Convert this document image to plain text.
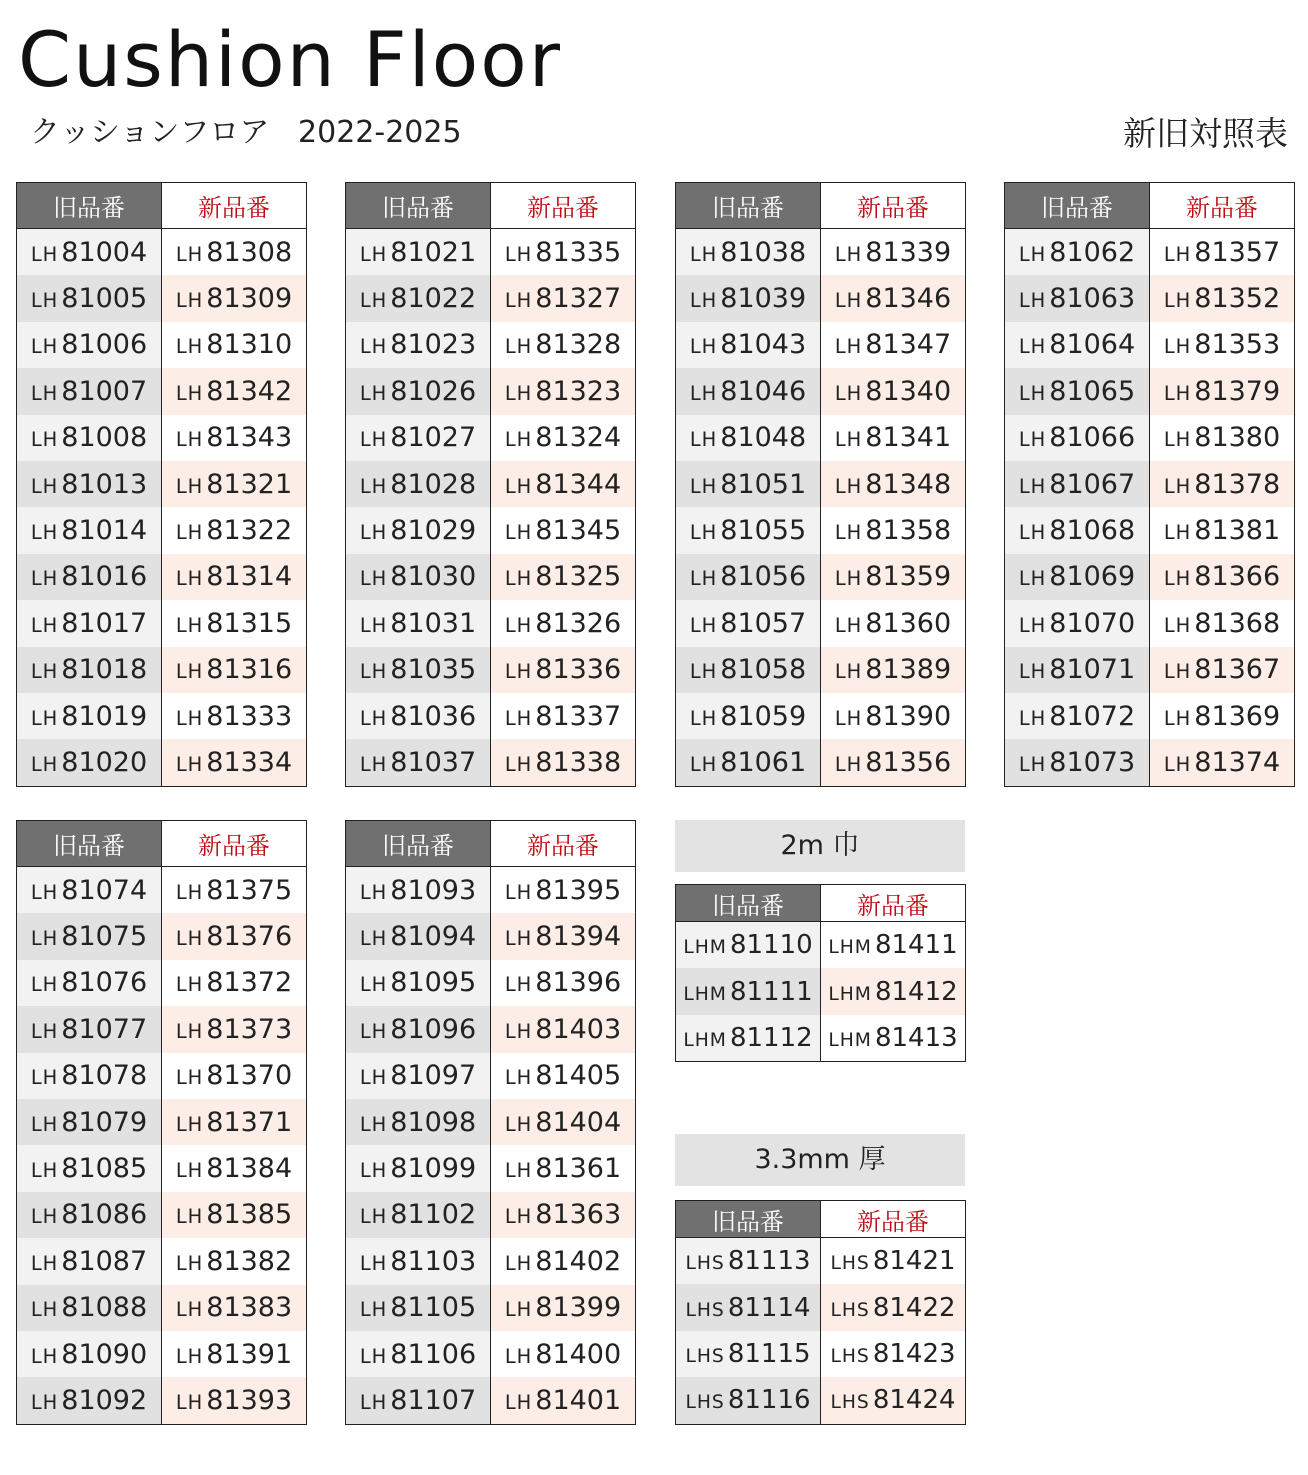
Cushion Floor
クッションフロア 2022-2025	新旧対照表
旧品番	新品番
LH 81004	LH 81308
LH 81005	LH 81309
LH 81006	LH 81310
LH 81007	LH 81342
LH 81008	LH 81343
LH 81013	LH 81321
LH 81014	LH 81322
LH 81016	LH 81314
LH 81017	LH 81315
LH 81018	LH 81316
LH 81019	LH 81333
LH 81020	LH 81334
旧品番	新品番
LH 81021	LH 81335
LH 81022	LH 81327
LH 81023	LH 81328
LH 81026	LH 81323
LH 81027	LH 81324
LH 81028	LH 81344
LH 81029	LH 81345
LH 81030	LH 81325
LH 81031	LH 81326
LH 81035	LH 81336
LH 81036	LH 81337
LH 81037	LH 81338
旧品番	新品番
LH 81038	LH 81339
LH 81039	LH 81346
LH 81043	LH 81347
LH 81046	LH 81340
LH 81048	LH 81341
LH 81051	LH 81348
LH 81055	LH 81358
LH 81056	LH 81359
LH 81057	LH 81360
LH 81058	LH 81389
LH 81059	LH 81390
LH 81061	LH 81356
旧品番	新品番
LH 81062	LH 81357
LH 81063	LH 81352
LH 81064	LH 81353
LH 81065	LH 81379
LH 81066	LH 81380
LH 81067	LH 81378
LH 81068	LH 81381
LH 81069	LH 81366
LH 81070	LH 81368
LH 81071	LH 81367
LH 81072	LH 81369
LH 81073	LH 81374
旧品番	新品番
LH 81074	LH 81375
LH 81075	LH 81376
LH 81076	LH 81372
LH 81077	LH 81373
LH 81078	LH 81370
LH 81079	LH 81371
LH 81085	LH 81384
LH 81086	LH 81385
LH 81087	LH 81382
LH 81088	LH 81383
LH 81090	LH 81391
LH 81092	LH 81393
旧品番	新品番
LH 81093	LH 81395
LH 81094	LH 81394
LH 81095	LH 81396
LH 81096	LH 81403
LH 81097	LH 81405
LH 81098	LH 81404
LH 81099	LH 81361
LH 81102	LH 81363
LH 81103	LH 81402
LH 81105	LH 81399
LH 81106	LH 81400
LH 81107	LH 81401
2m 巾
旧品番	新品番
LHM 81110	LHM 81411
LHM 81111	LHM 81412
LHM 81112	LHM 81413
3.3mm 厚
旧品番	新品番
LHS 81113	LHS 81421
LHS 81114	LHS 81422
LHS 81115	LHS 81423
LHS 81116	LHS 81424
